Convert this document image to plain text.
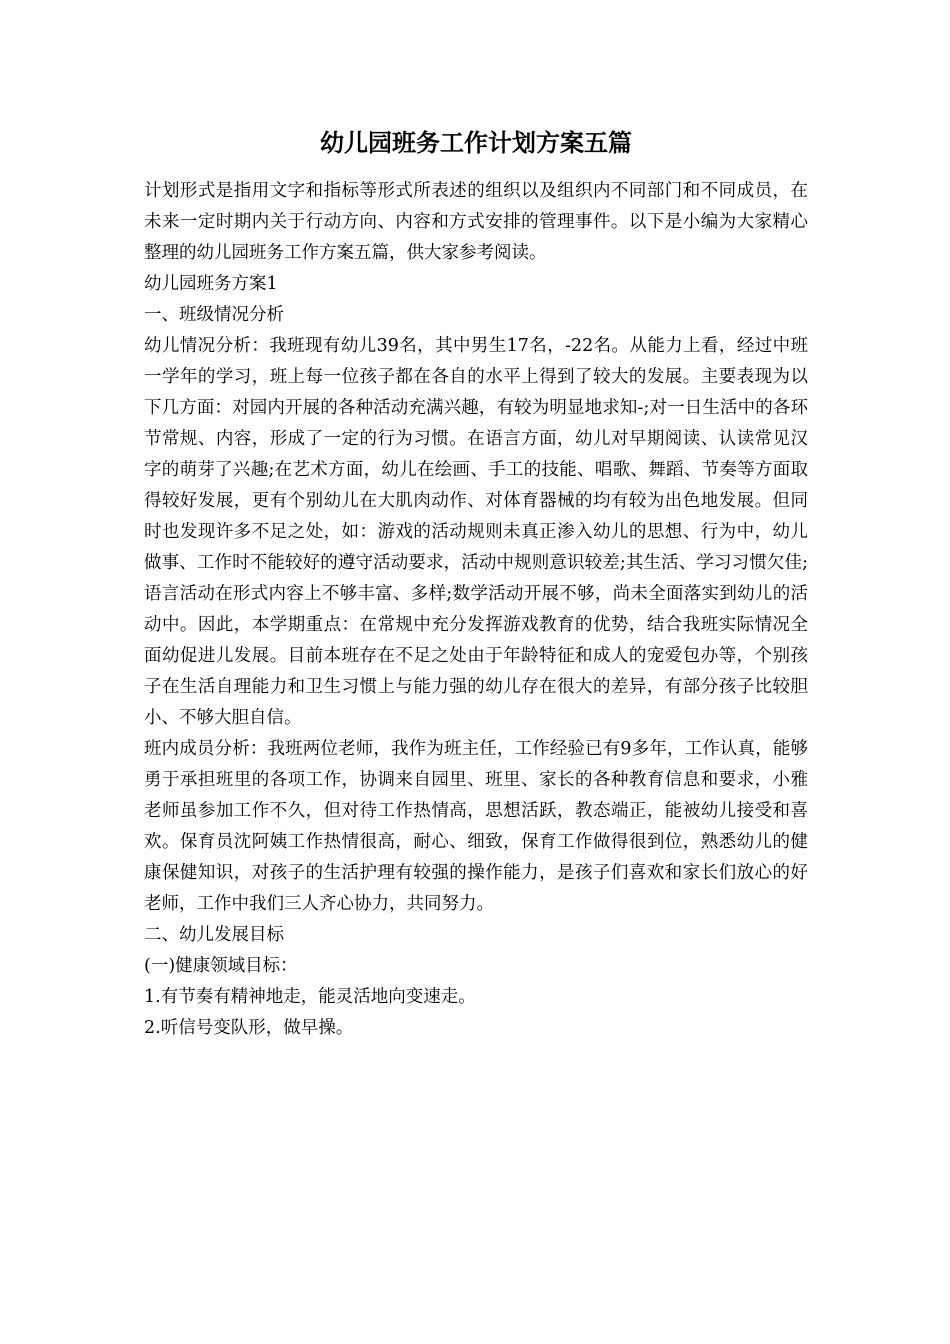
幼儿园班务工作计划方案五篇

计划形式是指用文字和指标等形式所表述的组织以及组织内不同部门和不同成员，在未来一定时期内关于行动方向、内容和方式安排的管理事件。以下是小编为大家精心整理的幼儿园班务工作方案五篇，供大家参考阅读。

幼儿园班务方案1

一、班级情况分析

幼儿情况分析：我班现有幼儿39名，其中男生17名，-22名。从能力上看，经过中班一学年的学习，班上每一位孩子都在各自的水平上得到了较大的发展。主要表现为以下几方面：对园内开展的各种活动充满兴趣，有较为明显地求知-;对一日生活中的各环节常规、内容，形成了一定的行为习惯。在语言方面，幼儿对早期阅读、认读常见汉字的萌芽了兴趣;在艺术方面，幼儿在绘画、手工的技能、唱歌、舞蹈、节奏等方面取得较好发展，更有个别幼儿在大肌肉动作、对体育器械的均有较为出色地发展。但同时也发现许多不足之处，如：游戏的活动规则未真正渗入幼儿的思想、行为中，幼儿做事、工作时不能较好的遵守活动要求，活动中规则意识较差;其生活、学习习惯欠佳;语言活动在形式内容上不够丰富、多样;数学活动开展不够，尚未全面落实到幼儿的活动中。因此，本学期重点：在常规中充分发挥游戏教育的优势，结合我班实际情况全面幼促进儿发展。目前本班存在不足之处由于年龄特征和成人的宠爱包办等，个别孩子在生活自理能力和卫生习惯上与能力强的幼儿存在很大的差异，有部分孩子比较胆小、不够大胆自信。

班内成员分析：我班两位老师，我作为班主任，工作经验已有9多年，工作认真，能够勇于承担班里的各项工作，协调来自园里、班里、家长的各种教育信息和要求，小雅老师虽参加工作不久，但对待工作热情高，思想活跃，教态端正，能被幼儿接受和喜欢。保育员沈阿姨工作热情很高，耐心、细致，保育工作做得很到位，熟悉幼儿的健康保健知识，对孩子的生活护理有较强的操作能力，是孩子们喜欢和家长们放心的好老师，工作中我们三人齐心协力，共同努力。

二、幼儿发展目标

(一)健康领域目标：

1.有节奏有精神地走，能灵活地向变速走。

2.听信号变队形，做早操。
